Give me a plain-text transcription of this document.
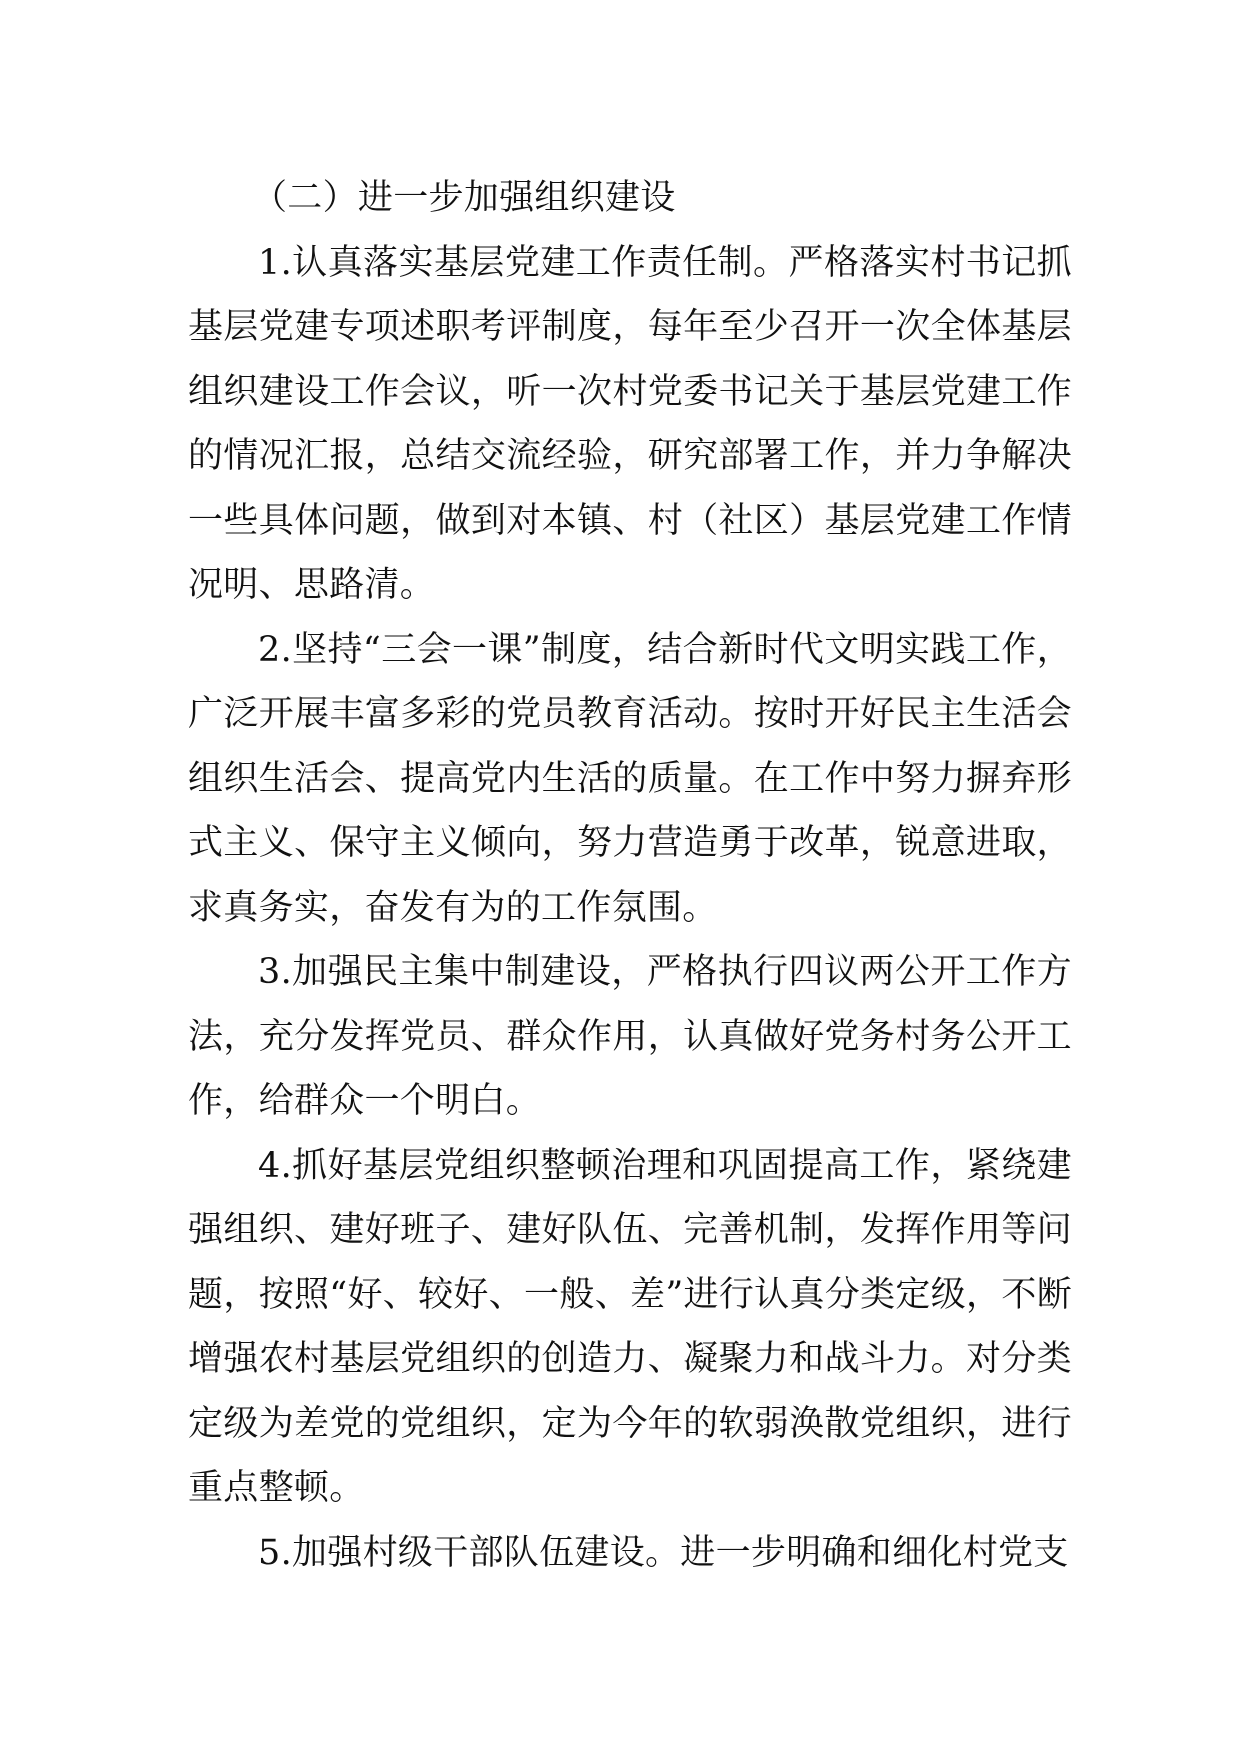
（二）进一步加强组织建设

1.认真落实基层党建工作责任制。严格落实村书记抓基层党建专项述职考评制度，每年至少召开一次全体基层组织建设工作会议，听一次村党委书记关于基层党建工作的情况汇报，总结交流经验，研究部署工作，并力争解决一些具体问题，做到对本镇、村（社区）基层党建工作情况明、思路清。

2.坚持“三会一课”制度，结合新时代文明实践工作，广泛开展丰富多彩的党员教育活动。按时开好民主生活会组织生活会、提高党内生活的质量。在工作中努力摒弃形式主义、保守主义倾向，努力营造勇于改革，锐意进取，求真务实，奋发有为的工作氛围。

3.加强民主集中制建设，严格执行四议两公开工作方法，充分发挥党员、群众作用，认真做好党务村务公开工作，给群众一个明白。

4.抓好基层党组织整顿治理和巩固提高工作，紧绕建强组织、建好班子、建好队伍、完善机制，发挥作用等问题，按照“好、较好、一般、差”进行认真分类定级，不断增强农村基层党组织的创造力、凝聚力和战斗力。对分类定级为差党的党组织，定为今年的软弱涣散党组织，进行重点整顿。

5.加强村级干部队伍建设。进一步明确和细化村党支
